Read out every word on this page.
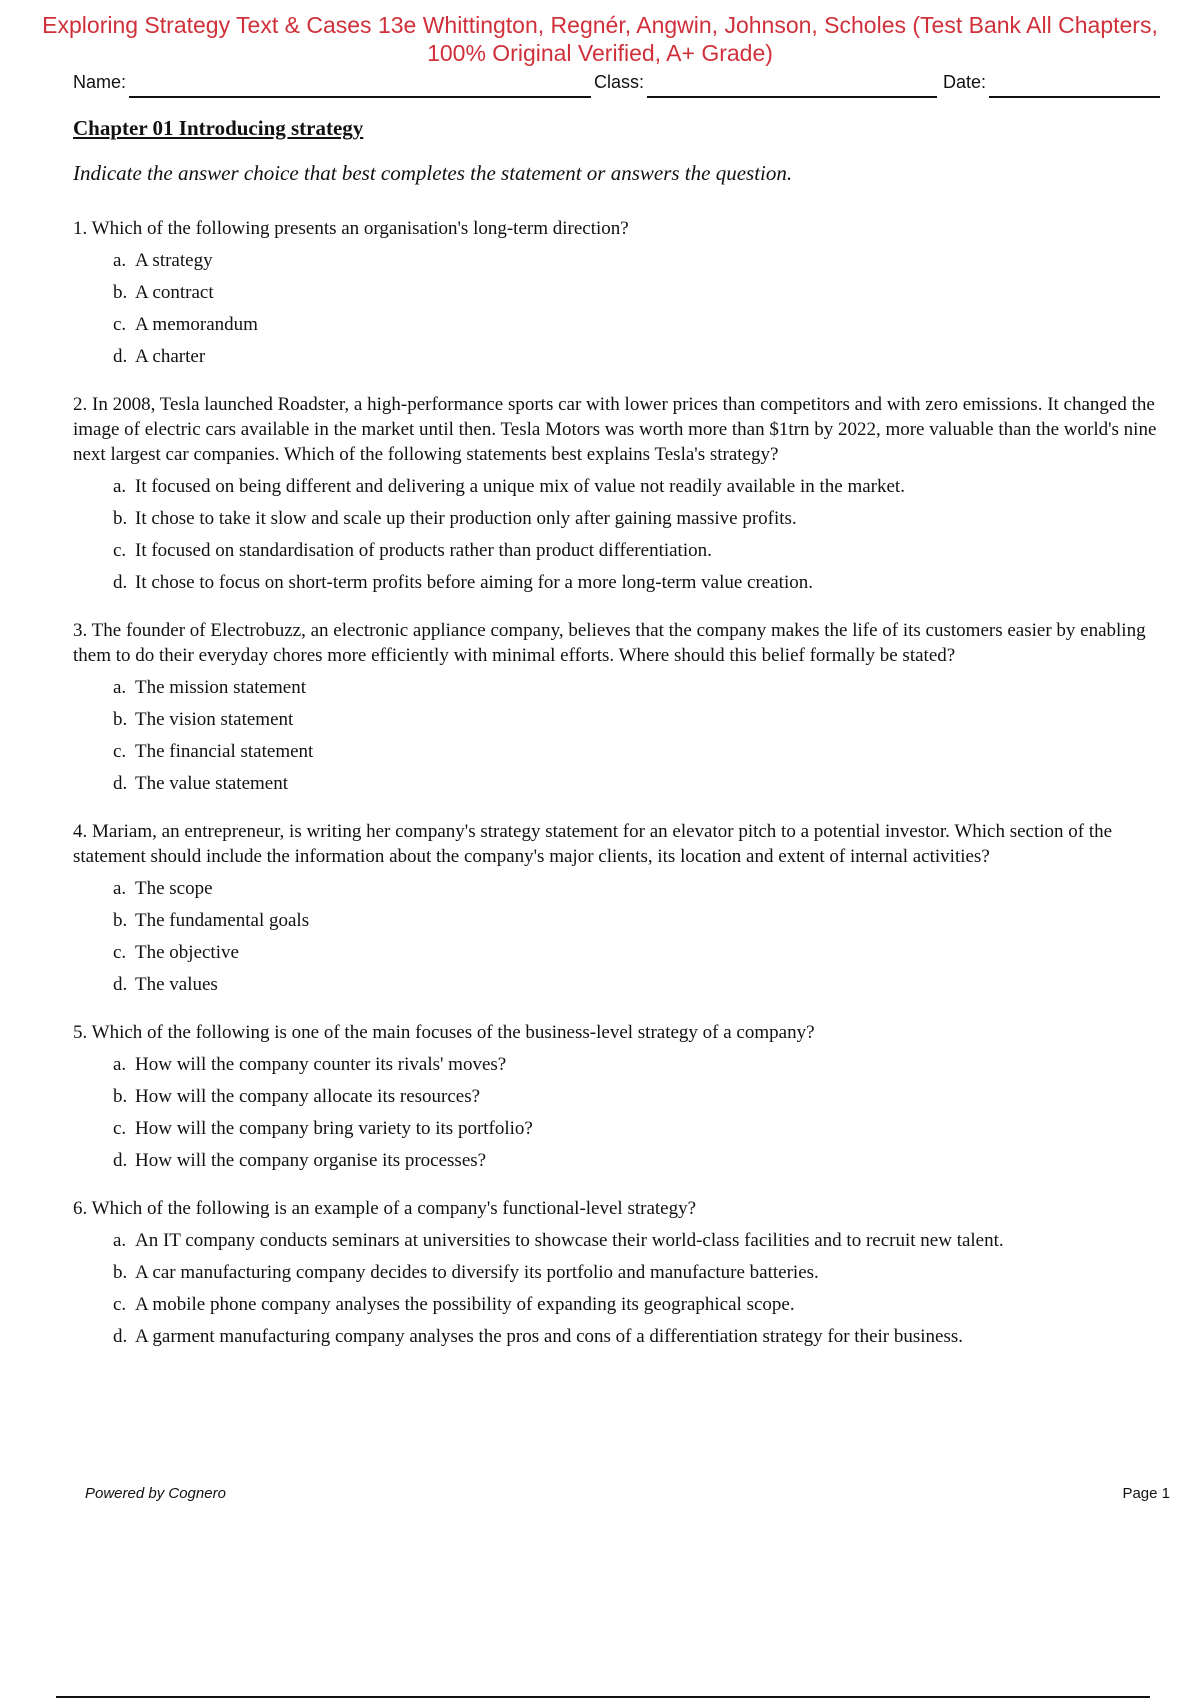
Exploring Strategy Text & Cases 13e Whittington, Regnér, Angwin, Johnson, Scholes (Test Bank All Chapters, 100% Original Verified, A+ Grade)
Name:	Class:	Date:
Chapter 01 Introducing strategy
Indicate the answer choice that best completes the statement or answers the question.
1. Which of the following presents an organisation's long-term direction?
a. A strategy
b. A contract
c. A memorandum
d. A charter
2. In 2008, Tesla launched Roadster, a high-performance sports car with lower prices than competitors and with zero emissions. It changed the image of electric cars available in the market until then. Tesla Motors was worth more than $1trn by 2022, more valuable than the world's nine next largest car companies. Which of the following statements best explains Tesla's strategy?
a. It focused on being different and delivering a unique mix of value not readily available in the market.
b. It chose to take it slow and scale up their production only after gaining massive profits.
c. It focused on standardisation of products rather than product differentiation.
d. It chose to focus on short-term profits before aiming for a more long-term value creation.
3. The founder of Electrobuzz, an electronic appliance company, believes that the company makes the life of its customers easier by enabling them to do their everyday chores more efficiently with minimal efforts. Where should this belief formally be stated?
a. The mission statement
b. The vision statement
c. The financial statement
d. The value statement
4. Mariam, an entrepreneur, is writing her company's strategy statement for an elevator pitch to a potential investor. Which section of the statement should include the information about the company's major clients, its location and extent of internal activities?
a. The scope
b. The fundamental goals
c. The objective
d. The values
5. Which of the following is one of the main focuses of the business-level strategy of a company?
a. How will the company counter its rivals' moves?
b. How will the company allocate its resources?
c. How will the company bring variety to its portfolio?
d. How will the company organise its processes?
6. Which of the following is an example of a company's functional-level strategy?
a. An IT company conducts seminars at universities to showcase their world-class facilities and to recruit new talent.
b. A car manufacturing company decides to diversify its portfolio and manufacture batteries.
c. A mobile phone company analyses the possibility of expanding its geographical scope.
d. A garment manufacturing company analyses the pros and cons of a differentiation strategy for their business.
Powered by Cognero	Page 1
